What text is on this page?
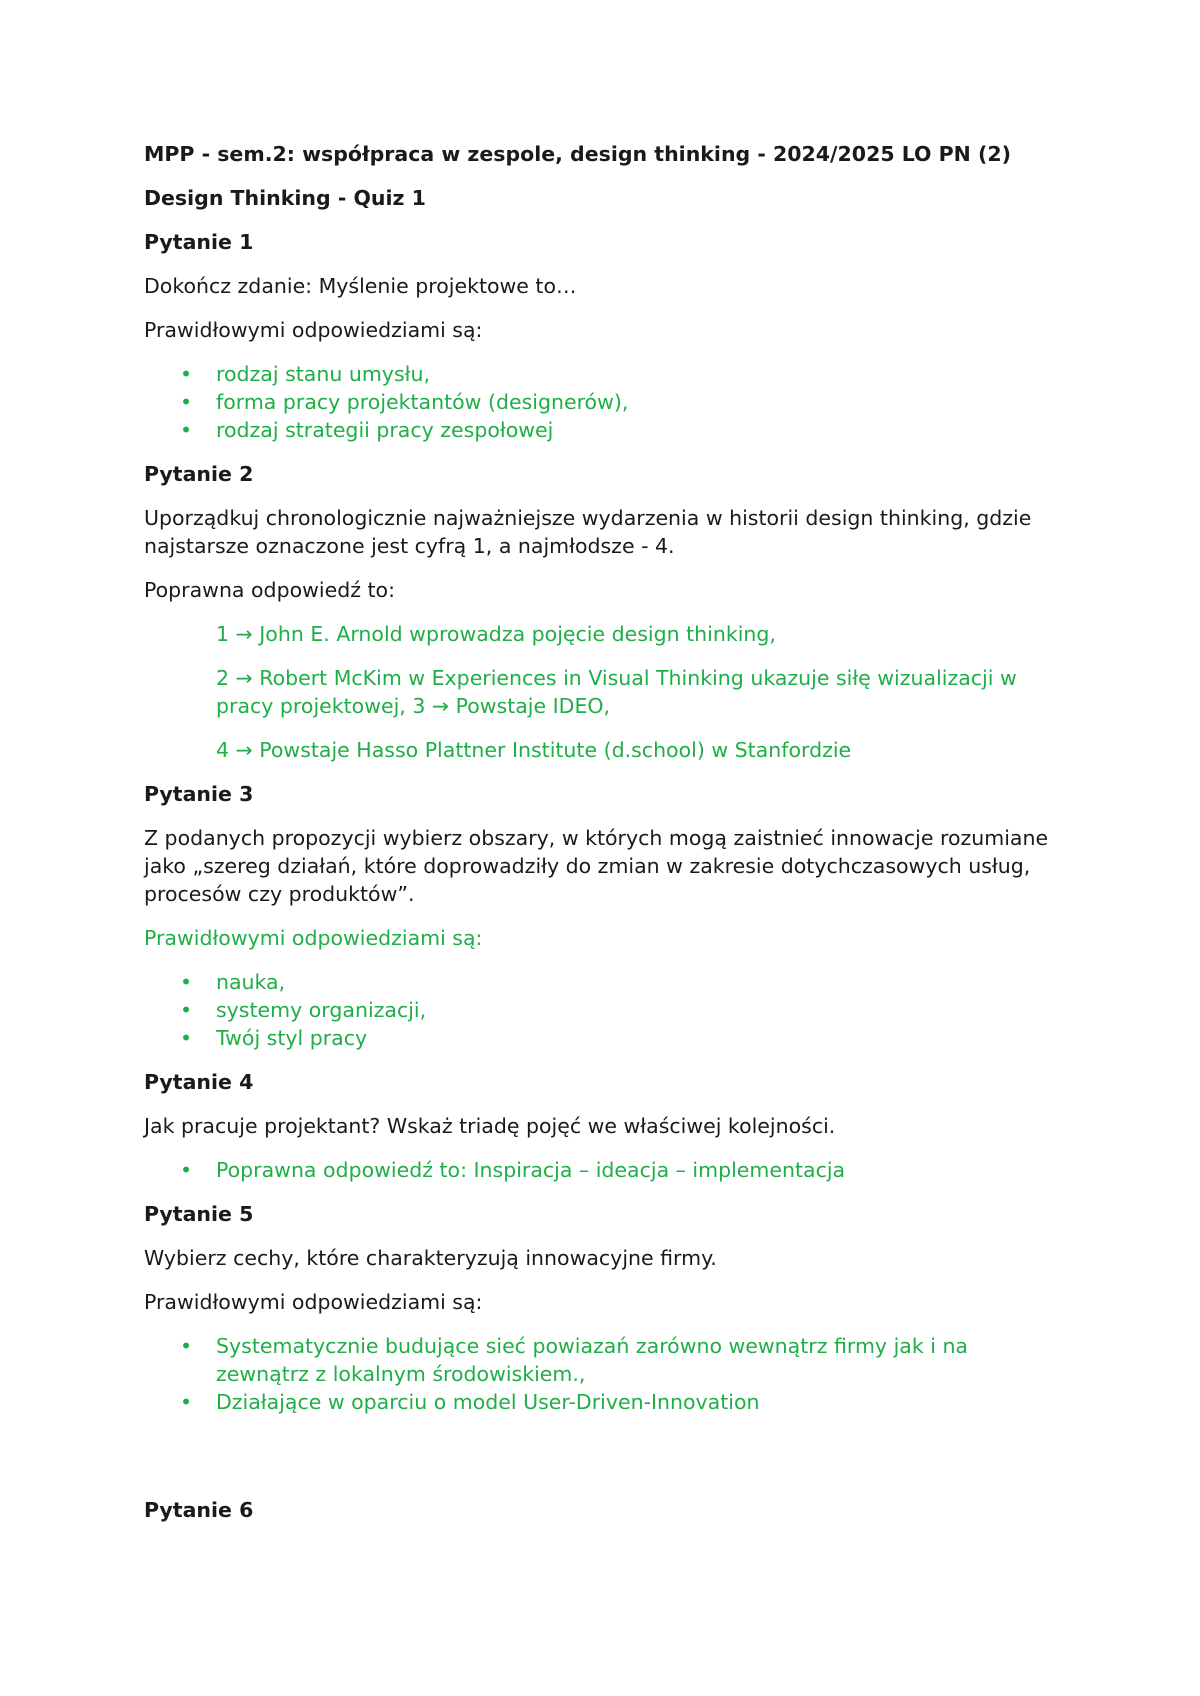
MPP - sem.2: współpraca w zespole, design thinking - 2024/2025 LO PN (2)
Design Thinking - Quiz 1
Pytanie 1

Dokończ zdanie: Myślenie projektowe to…

Prawidłowymi odpowiedziami są:

• rodzaj stanu umysłu,
• forma pracy projektantów (designerów),
• rodzaj strategii pracy zespołowej
Pytanie 2

Uporządkuj chronologicznie najważniejsze wydarzenia w historii design thinking, gdzie najstarsze oznaczone jest cyfrą 1, a najmłodsze - 4.

Poprawna odpowiedź to:

1 → John E. Arnold wprowadza pojęcie design thinking,
2 → Robert McKim w Experiences in Visual Thinking ukazuje siłę wizualizacji w pracy projektowej, 3 → Powstaje IDEO,
4 → Powstaje Hasso Plattner Institute (d.school) w Stanfordzie
Pytanie 3

Z podanych propozycji wybierz obszary, w których mogą zaistnieć innowacje rozumiane jako „szereg działań, które doprowadziły do zmian w zakresie dotychczasowych usług, procesów czy produktów”.

Prawidłowymi odpowiedziami są:

• nauka,
• systemy organizacji,
• Twój styl pracy
Pytanie 4

Jak pracuje projektant? Wskaż triadę pojęć we właściwej kolejności.

• Poprawna odpowiedź to: Inspiracja – ideacja – implementacja
Pytanie 5

Wybierz cechy, które charakteryzują innowacyjne firmy.

Prawidłowymi odpowiedziami są:

• Systematycznie budujące sieć powiazań zarówno wewnątrz firmy jak i na zewnątrz z lokalnym środowiskiem.,
• Działające w oparciu o model User-Driven-Innovation
Pytanie 6
